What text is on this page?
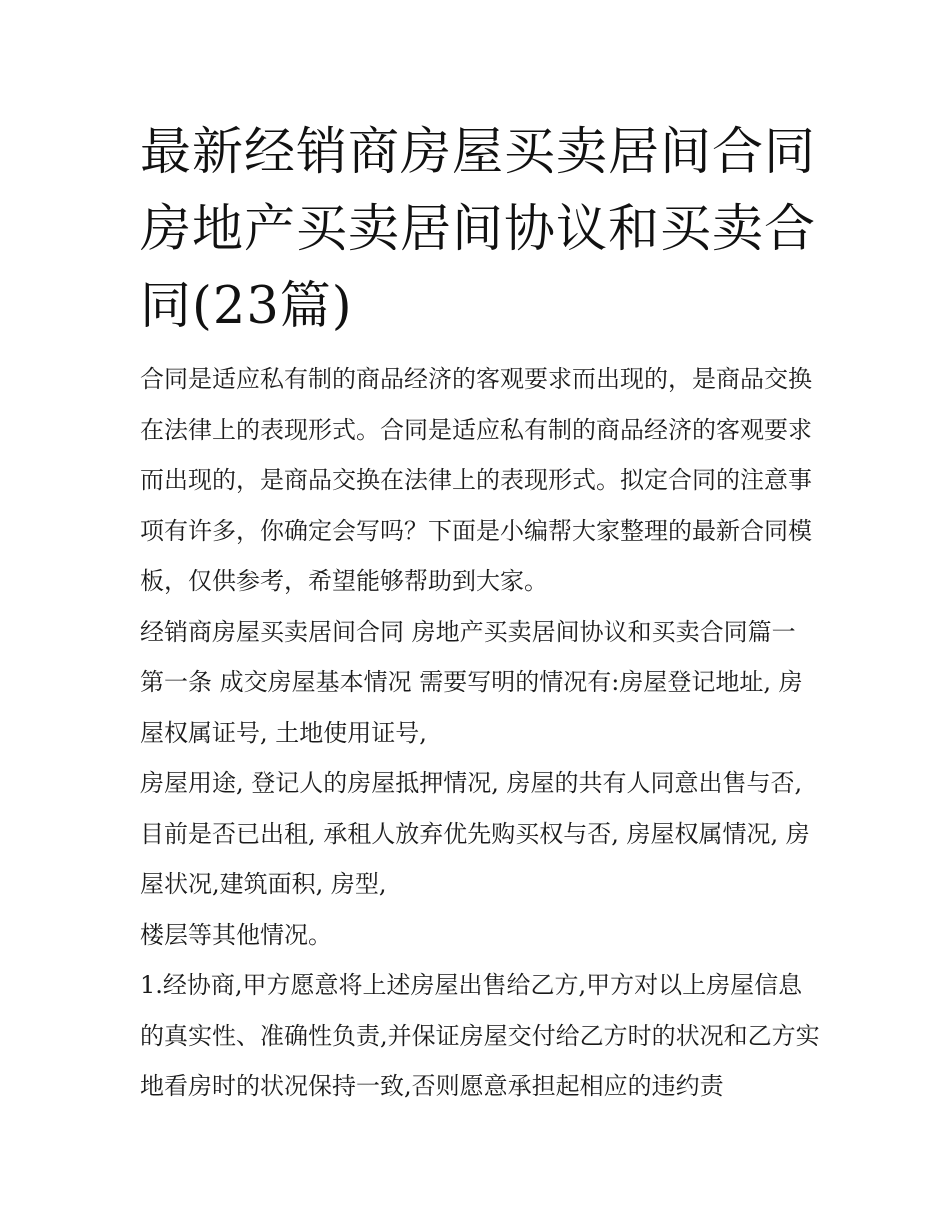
最新经销商房屋买卖居间合同房地产买卖居间协议和买卖合同(23篇)

合同是适应私有制的商品经济的客观要求而出现的，是商品交换在法律上的表现形式。合同是适应私有制的商品经济的客观要求而出现的，是商品交换在法律上的表现形式。拟定合同的注意事项有许多，你确定会写吗？下面是小编帮大家整理的最新合同模板，仅供参考，希望能够帮助到大家。

经销商房屋买卖居间合同 房地产买卖居间协议和买卖合同篇一 第一条 成交房屋基本情况 需要写明的情况有:房屋登记地址, 房屋权属证号, 土地使用证号,

房屋用途, 登记人的房屋抵押情况, 房屋的共有人同意出售与否, 目前是否已出租, 承租人放弃优先购买权与否, 房屋权属情况, 房屋状况,建筑面积, 房型,

楼层等其他情况。

1.经协商,甲方愿意将上述房屋出售给乙方,甲方对以上房屋信息的真实性、准确性负责,并保证房屋交付给乙方时的状况和乙方实地看房时的状况保持一致,否则愿意承担起相应的违约责
